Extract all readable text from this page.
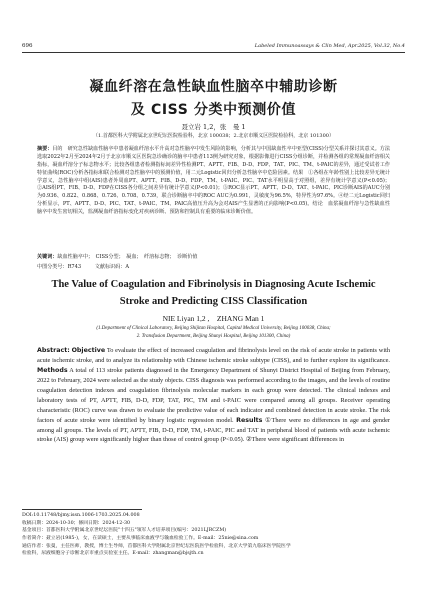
696	Labeled Immunoassays & Clin Med, Apr.2025, Vol.32, No.4
凝血纤溶在急性缺血性脑卒中辅助诊断
及 CISS 分类中预测价值
聂立岩 1,2，张　曼 1
（1.首都医科大学附属北京世纪坛医院检验科，北京 100038；2.北京市顺义区医院检验科，北京 101300）
摘要：目的　研究急性缺血性脑卒中患者凝血纤溶水平升高对急性脑卒中发生风险的影响，分析其与中国缺血性卒中亚型(CISS)分型关系并探讨其意义。方法　选取2022年2月至2024年2月于北京市顺义区医院急诊确诊的脑卒中患者113例为研究对象，根据影像进行CISS分组诊断，并检测各组的常规凝血纤溶相关指标，凝血纤溶分子标志物水平；比较各组患者检测指标间差异性检测PT、APTT、FIB、D-D、FDP、TAT、PIC、TM、t-PAIC的差异，通过受试者工作特征曲线(ROC)分析各指标和联合检测对急性脑卒中的预测价值，用二元Logistic回归分析急性脑卒中危险因素。结果　①各组在年龄性别上比较差异无统计学意义，急性脑卒中组(AIS)患者外周血PT、APTT、FIB、D-D、FDP、TM、t-PAIC、PIC、TAT水平明显高于对照组，差异有统计学意义(P<0.05)；②AIS组PT、FIB、D-D、FDP在CISS各分组之间差异有统计学意义(P<0.01)；③ROC显示PT、APTT、D-D、TAT、t-PAIC、PIC诊断AIS的AUC分别为0.936、0.822、0.868、0.726、0.708、0.739，联合诊断脑卒中的ROC AUC为0.991，灵敏度为96.5%，特异性为97.6%。④经二元Logistic回归分析显示，PT、APTT、D-D、PIC、TAT、t-PAIC、TM、PAIC高值压升高为会对AIS产生显著的正向影响(P<0.05)。结论　血浆凝血纤溶与急性缺血性脑卒中发生密切相关，监测凝血纤溶指标变化对疾病诊断、预防和控制具有重要的临床诊断价值。
关键词：缺血性脑卒中；　CISS分型；　凝血；　纤溶标志物；　诊断价值
中图分类号：R743	文献标识码：A
The Value of Coagulation and Fibrinolysis in Diagnosing Acute Ischemic
Stroke and Predicting CISS Classification
NIE Liyan 1,2 ,　ZHANG Man 1
(1.Department of Clinical Laboratory, Beijing Shijitan Hospital, Capital Medical University, Beijing 100038, China;
2. Transfusion Department, Beijing Shunyi Hospital, Beijing 101300, China)
Abstract: Objective To evaluate the effect of increased coagulation and fibrinolysis level on the risk of acute stroke in patients with acute ischemic stroke, and to analyze its relationship with Chinese ischemic stroke subtype (CISS), and to further explore its significance. Methods A total of 113 stroke patients diagnosed in the Emergency Department of Shunyi District Hospital of Beijing from February, 2022 to February, 2024 were selected as the study objects. CISS diagnosis was performed according to the images, and the levels of routine coagulation detection indexes and coagulation fibrinolysis molecular markers in each group were detected. The clinical indexes and laboratory tests of PT, APTT, FIB, D-D, FDP, TAT, PIC, TM and t-PAIC were compared among all groups. Receiver operating characteristic (ROC) curve was drawn to evaluate the predictive value of each indicator and combined detection in acute stroke. The risk factors of acute stroke were identified by binary logistic regression model. Results ①There were no differences in age and gender among all groups. The levels of PT, APTT, FIB, D-D, FDP, TM, t-PAIC, PIC and TAT in peripheral blood of patients with acute ischemic stroke (AIS) group were significantly higher than those of control group (P<0.05). ②There were significant differences in
DOI:10.11748/bjmy.issn.1006-1703.2025.04.008
收稿日期：2024-10-30；修回日期：2024-12-30
基金项目：首都医科大学附属北京世纪坛医院"十四五"领军人才培养项目(编号：2021LJRCZM)
作者简介：聂立岩(1985-)，女，在读硕士，主要从事临床血液学与输血检验工作。E-mail：25nie@sina.com
通信作者：张曼，主任医师，教授，博士生导师，首都医科大学附属北京世纪坛医院医学检验科，北京大学第九临床医学院医学
检验科，尿液细胞分子诊断北京市重点实验室主任。E-mail：zhangman@bjsjth.cn
